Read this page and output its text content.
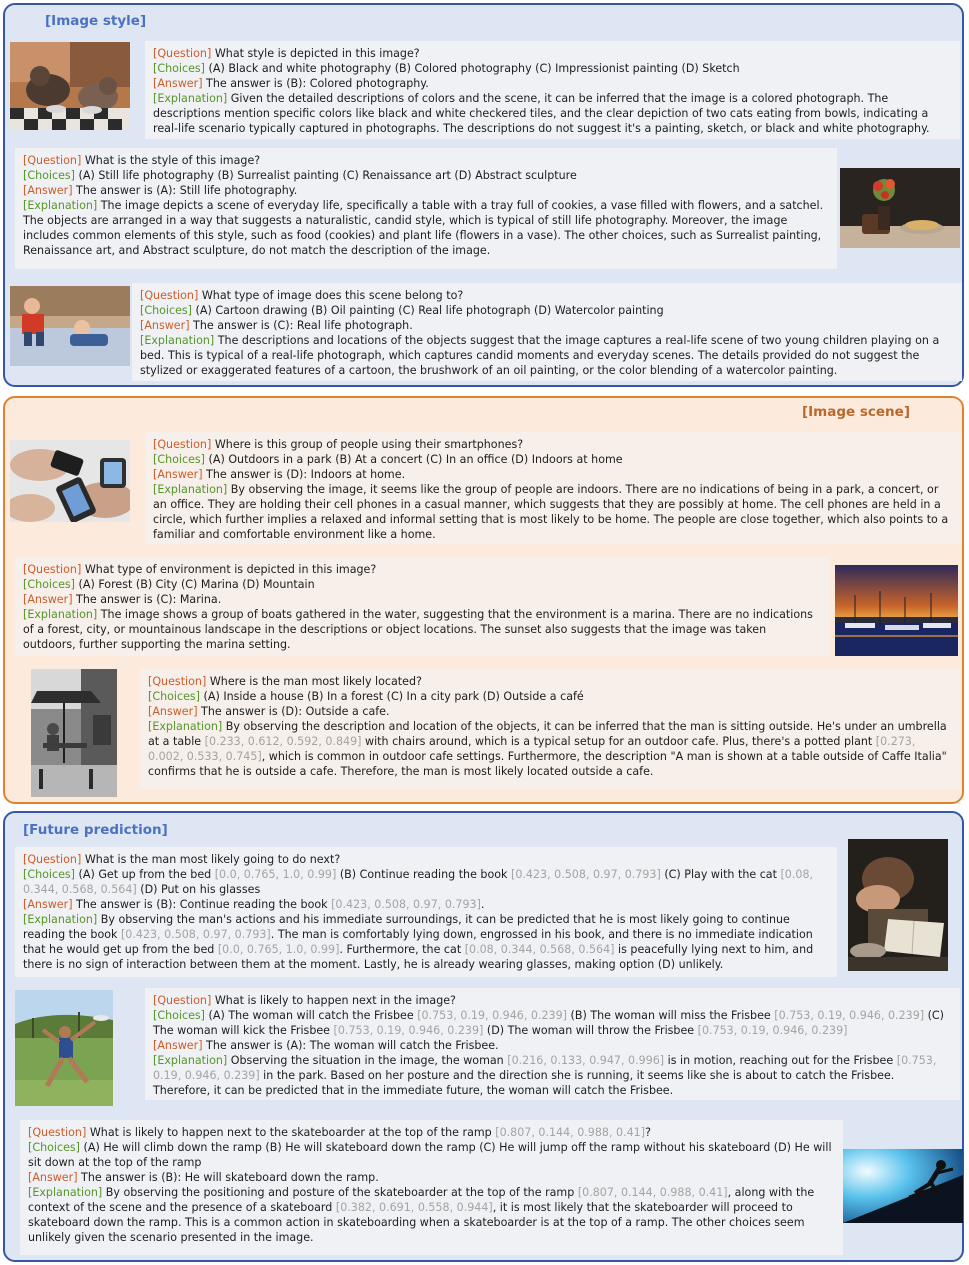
[Image style]

[Question] What style is depicted in this image?

[Choices] (A) Black and white photography (B) Colored photography (C) Impressionist painting (D) Sketch

[Answer] The answer is (B): Colored photography.

[Explanation] Given the detailed descriptions of colors and the scene, it can be inferred that the image is a colored photograph. The descriptions mention specific colors like black and white checkered tiles, and the clear depiction of two cats eating from bowls, indicating a real-life scenario typically captured in photographs. The descriptions do not suggest it's a painting, sketch, or black and white photography.

[Question] What is the style of this image?

[Choices] (A) Still life photography (B) Surrealist painting (C) Renaissance art (D) Abstract sculpture

[Answer] The answer is (A): Still life photography.

[Explanation] The image depicts a scene of everyday life, specifically a table with a tray full of cookies, a vase filled with flowers, and a satchel. The objects are arranged in a way that suggests a naturalistic, candid style, which is typical of still life photography. Moreover, the image includes common elements of this style, such as food (cookies) and plant life (flowers in a vase). The other choices, such as Surrealist painting, Renaissance art, and Abstract sculpture, do not match the description of the image.

[Question] What type of image does this scene belong to?

[Choices] (A) Cartoon drawing (B) Oil painting (C) Real life photograph (D) Watercolor painting

[Answer] The answer is (C): Real life photograph.

[Explanation] The descriptions and locations of the objects suggest that the image captures a real-life scene of two young children playing on a bed. This is typical of a real-life photograph, which captures candid moments and everyday scenes. The details provided do not suggest the stylized or exaggerated features of a cartoon, the brushwork of an oil painting, or the color blending of a watercolor painting.

[Image scene]

[Question] Where is this group of people using their smartphones?

[Choices] (A) Outdoors in a park (B) At a concert (C) In an office (D) Indoors at home

[Answer] The answer is (D): Indoors at home.

[Explanation] By observing the image, it seems like the group of people are indoors. There are no indications of being in a park, a concert, or an office. They are holding their cell phones in a casual manner, which suggests that they are possibly at home. The cell phones are held in a circle, which further implies a relaxed and informal setting that is most likely to be home. The people are close together, which also points to a familiar and comfortable environment like a home.

[Question] What type of environment is depicted in this image?

[Choices] (A) Forest (B) City (C) Marina (D) Mountain

[Answer] The answer is (C): Marina.

[Explanation] The image shows a group of boats gathered in the water, suggesting that the environment is a marina. There are no indications of a forest, city, or mountainous landscape in the descriptions or object locations. The sunset also suggests that the image was taken outdoors, further supporting the marina setting.

[Question] Where is the man most likely located?

[Choices] (A) Inside a house (B) In a forest (C) In a city park (D) Outside a café

[Answer] The answer is (D): Outside a cafe.

[Explanation] By observing the description and location of the objects, it can be inferred that the man is sitting outside. He's under an umbrella at a table [0.233, 0.612, 0.592, 0.849] with chairs around, which is a typical setup for an outdoor cafe. Plus, there's a potted plant [0.273, 0.002, 0.533, 0.745], which is common in outdoor cafe settings. Furthermore, the description "A man is shown at a table outside of Caffe Italia" confirms that he is outside a cafe. Therefore, the man is most likely located outside a cafe.

[Future prediction]

[Question] What is the man most likely going to do next?

[Choices] (A) Get up from the bed [0.0, 0.765, 1.0, 0.99] (B) Continue reading the book [0.423, 0.508, 0.97, 0.793] (C) Play with the cat [0.08, 0.344, 0.568, 0.564] (D) Put on his glasses

[Answer] The answer is (B): Continue reading the book [0.423, 0.508, 0.97, 0.793].

[Explanation] By observing the man's actions and his immediate surroundings, it can be predicted that he is most likely going to continue reading the book [0.423, 0.508, 0.97, 0.793]. The man is comfortably lying down, engrossed in his book, and there is no immediate indication that he would get up from the bed [0.0, 0.765, 1.0, 0.99]. Furthermore, the cat [0.08, 0.344, 0.568, 0.564] is peacefully lying next to him, and there is no sign of interaction between them at the moment. Lastly, he is already wearing glasses, making option (D) unlikely.

[Question] What is likely to happen next in the image?

[Choices] (A) The woman will catch the Frisbee [0.753, 0.19, 0.946, 0.239] (B) The woman will miss the Frisbee [0.753, 0.19, 0.946, 0.239] (C) The woman will kick the Frisbee [0.753, 0.19, 0.946, 0.239] (D) The woman will throw the Frisbee [0.753, 0.19, 0.946, 0.239]

[Answer] The answer is (A): The woman will catch the Frisbee.

[Explanation] Observing the situation in the image, the woman [0.216, 0.133, 0.947, 0.996] is in motion, reaching out for the Frisbee [0.753, 0.19, 0.946, 0.239] in the park. Based on her posture and the direction she is running, it seems like she is about to catch the Frisbee. Therefore, it can be predicted that in the immediate future, the woman will catch the Frisbee.

[Question] What is likely to happen next to the skateboarder at the top of the ramp [0.807, 0.144, 0.988, 0.41]?

[Choices] (A) He will climb down the ramp (B) He will skateboard down the ramp (C) He will jump off the ramp without his skateboard (D) He will sit down at the top of the ramp

[Answer] The answer is (B): He will skateboard down the ramp.

[Explanation] By observing the positioning and posture of the skateboarder at the top of the ramp [0.807, 0.144, 0.988, 0.41], along with the context of the scene and the presence of a skateboard [0.382, 0.691, 0.558, 0.944], it is most likely that the skateboarder will proceed to skateboard down the ramp. This is a common action in skateboarding when a skateboarder is at the top of a ramp. The other choices seem unlikely given the scenario presented in the image.
